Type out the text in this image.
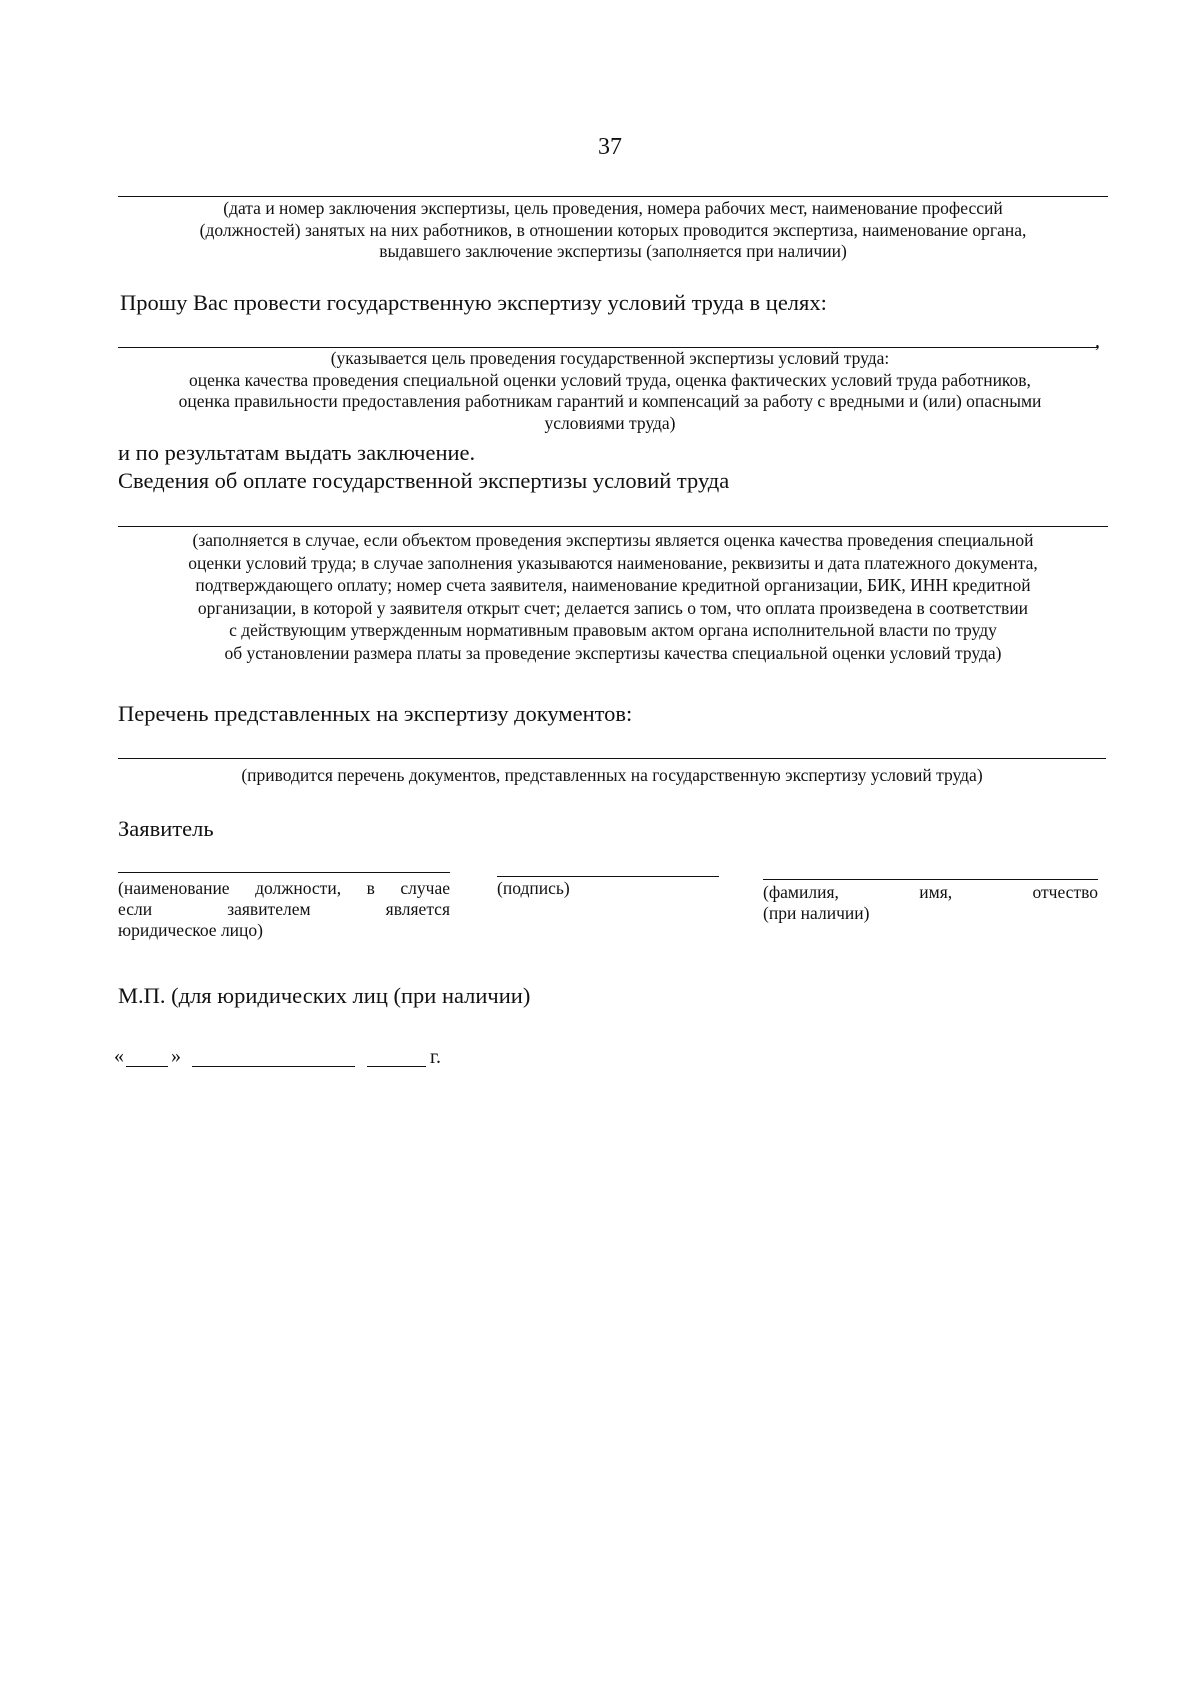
37
(дата и номер заключения экспертизы, цель проведения, номера рабочих мест, наименование профессий
(должностей) занятых на них работников, в отношении которых проводится экспертиза, наименование органа,
выдавшего заключение экспертизы (заполняется при наличии)
Прошу Вас провести государственную экспертизу условий труда в целях:
,
(указывается цель проведения государственной экспертизы условий труда:
оценка качества проведения специальной оценки условий труда, оценка фактических условий труда работников,
оценка правильности предоставления работникам гарантий и компенсаций за работу с вредными и (или) опасными
условиями труда)
и по результатам выдать заключение.
Сведения об оплате государственной экспертизы условий труда
(заполняется в случае, если объектом проведения экспертизы является оценка качества проведения специальной
оценки условий труда; в случае заполнения указываются наименование, реквизиты и дата платежного документа,
подтверждающего оплату; номер счета заявителя, наименование кредитной организации, БИК, ИНН кредитной
организации, в которой у заявителя открыт счет; делается запись о том, что оплата произведена в соответствии
с действующим утвержденным нормативным правовым актом органа исполнительной власти по труду
об установлении размера платы за проведение экспертизы качества специальной оценки условий труда)
Перечень представленных на экспертизу документов:
(приводится перечень документов, представленных на государственную экспертизу условий труда)
Заявитель
(наименование должности, в случае
если заявителем является
юридическое лицо)
(подпись)	(фамилия, имя, отчество
(при наличии)
М.П. (для юридических лиц (при наличии)
« »	г.
